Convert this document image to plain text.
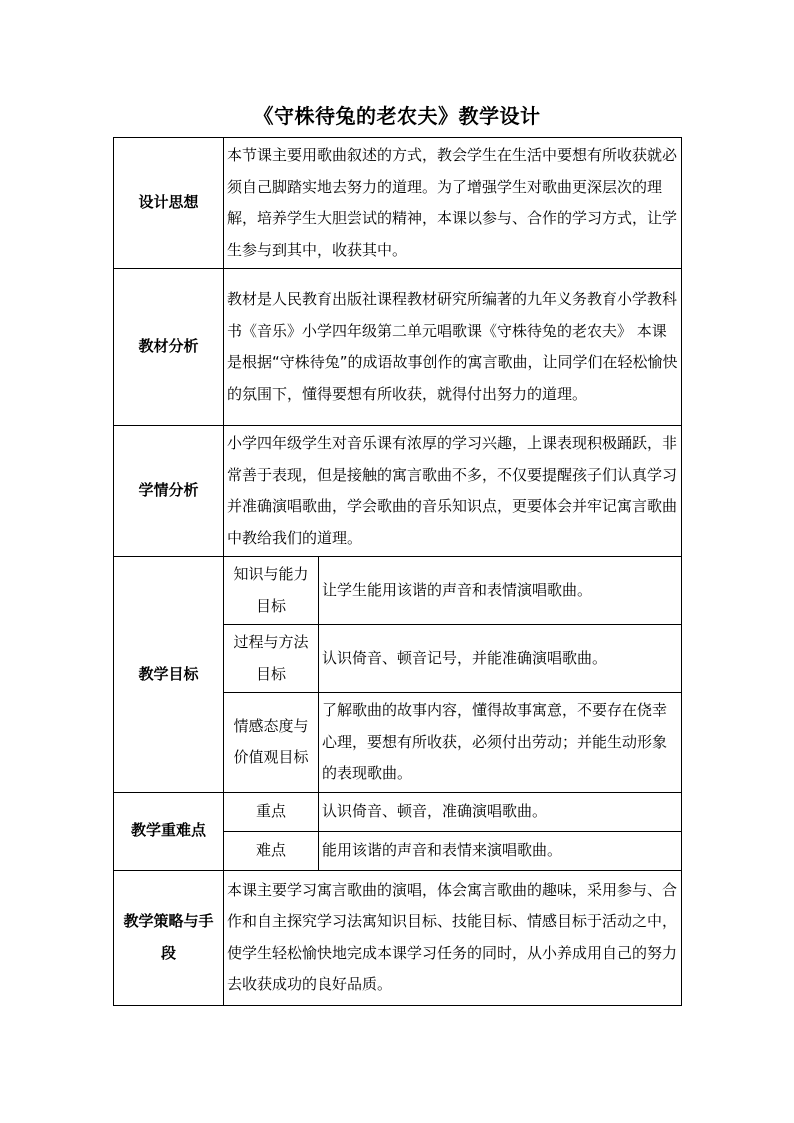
《守株待兔的老农夫》教学设计
设计思想	本节课主要用歌曲叙述的方式，教会学生在生活中要想有所收获就必须自己脚踏实地去努力的道理。为了增强学生对歌曲更深层次的理解，培养学生大胆尝试的精神，本课以参与、合作的学习方式，让学生参与到其中，收获其中。	
教材分析	教材是人民教育出版社课程教材研究所编著的九年义务教育小学教科书《音乐》小学四年级第二单元唱歌课《守株待兔的老农夫》 本课是根据“守株待兔”的成语故事创作的寓言歌曲，让同学们在轻松愉快的氛围下，懂得要想有所收获，就得付出努力的道理。	
学情分析	小学四年级学生对音乐课有浓厚的学习兴趣，上课表现积极踊跃，非常善于表现，但是接触的寓言歌曲不多，不仅要提醒孩子们认真学习并准确演唱歌曲，学会歌曲的音乐知识点，更要体会并牢记寓言歌曲中教给我们的道理。	
教学目标	知识与能力目标	让学生能用该谐的声音和表情演唱歌曲。
	过程与方法目标	认识倚音、顿音记号，并能准确演唱歌曲。
	情感态度与价值观目标	了解歌曲的故事内容，懂得故事寓意，不要存在侥幸心理，要想有所收获，必须付出劳动；并能生动形象的表现歌曲。
教学重难点	重点	认识倚音、顿音，准确演唱歌曲。
	难点	能用该谐的声音和表情来演唱歌曲。
教学策略与手段	本课主要学习寓言歌曲的演唱，体会寓言歌曲的趣味，采用参与、合作和自主探究学习法寓知识目标、技能目标、情感目标于活动之中，使学生轻松愉快地完成本课学习任务的同时，从小养成用自己的努力去收获成功的良好品质。	
